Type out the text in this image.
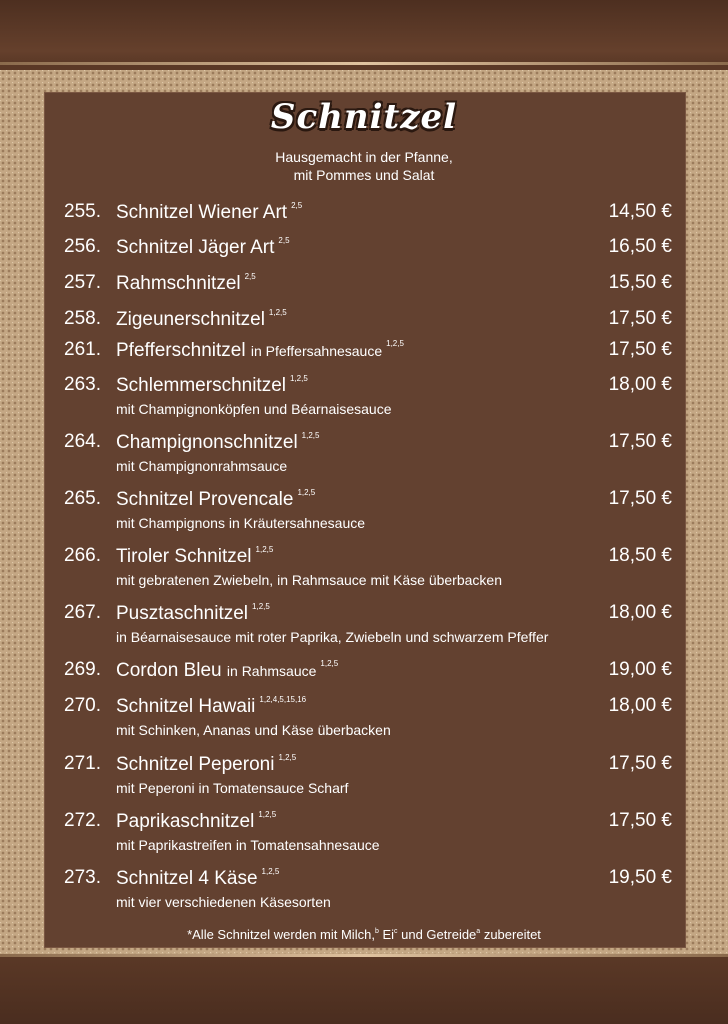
Schnitzel
Hausgemacht in der Pfanne,
mit Pommes und Salat
255. Schnitzel Wiener Art $^{2,5}$	14,50 €
256. Schnitzel Jäger Art $^{2,5}$	16,50 €
257. Rahmschnitzel $^{2,5}$	15,50 €
258. Zigeunerschnitzel $^{1,2,5}$	17,50 €
261. Pfefferschnitzel in Pfeffersahnesauce $^{1,2,5}$	17,50 €
263. Schlemmerschnitzel $^{1,2,5}$	18,00 €
mit Champignonköpfen und Béarnaisesauce
264. Champignonschnitzel $^{1,2,5}$	17,50 €
mit Champignonrahmsauce
265. Schnitzel Provencale $^{1,2,5}$	17,50 €
mit Champignons in Kräutersahnesauce
266. Tiroler Schnitzel $^{1,2,5}$	18,50 €
mit gebratenen Zwiebeln, in Rahmsauce mit Käse überbacken
267. Pusztaschnitzel $^{1,2,5}$	18,00 €
in Béarnaisesauce mit roter Paprika, Zwiebeln und schwarzem Pfeffer
269. Cordon Bleu in Rahmsauce $^{1,2,5}$	19,00 €
270. Schnitzel Hawaii $^{1,2,4,5,15,16}$	18,00 €
mit Schinken, Ananas und Käse überbacken
271. Schnitzel Peperoni $^{1,2,5}$	17,50 €
mit Peperoni in Tomatensauce Scharf
272. Paprikaschnitzel $^{1,2,5}$	17,50 €
mit Paprikastreifen in Tomatensahnesauce
273. Schnitzel 4 Käse $^{1,2,5}$	19,50 €
mit vier verschiedenen Käsesorten
*Alle Schnitzel werden mit Milch,$^b$ Ei$^c$ und Getreide$^a$ zubereitet
